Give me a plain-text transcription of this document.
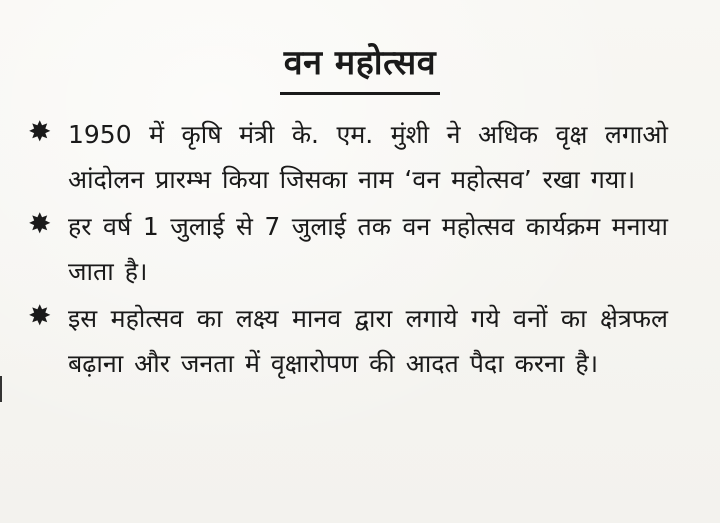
वन महोत्सव
✸ 1950 में कृषि मंत्री के. एम. मुंशी ने अधिक वृक्ष लगाओ आंदोलन प्रारम्भ किया जिसका नाम ‘वन महोत्सव’ रखा गया।
✸ हर वर्ष 1 जुलाई से 7 जुलाई तक वन महोत्सव कार्यक्रम मनाया जाता है।
✸ इस महोत्सव का लक्ष्य मानव द्वारा लगाये गये वनों का क्षेत्रफल बढ़ाना और जनता में वृक्षारोपण की आदत पैदा करना है।
